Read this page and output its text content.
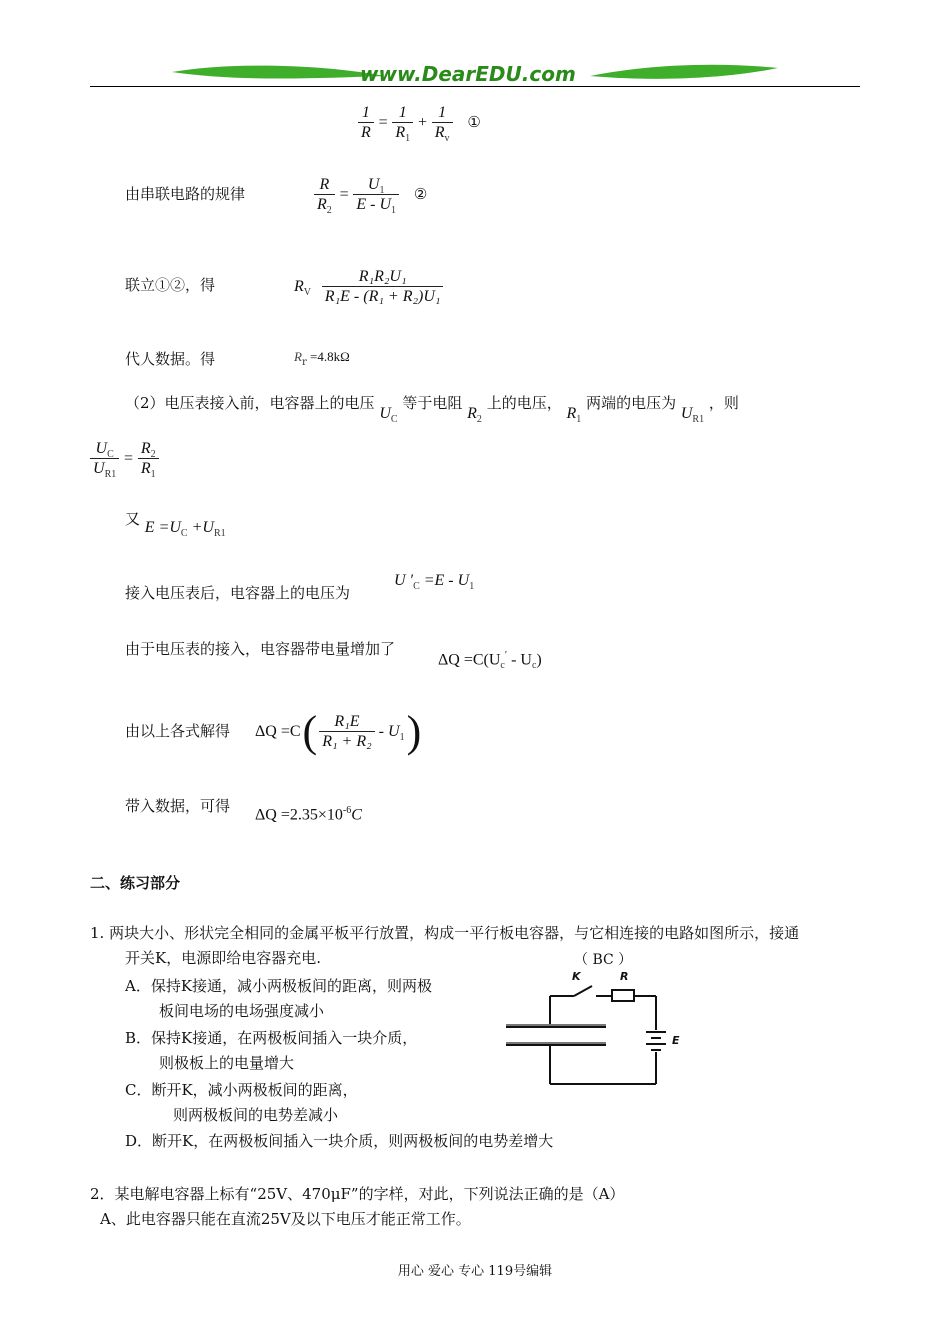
www.DearEDU.com
$\frac{1}{R} = \frac{1}{R_1} + \frac{1}{R_v}$ ①
由串联电路的规律	$\frac{R}{R_2} = \frac{U_1}{E - U_1}$ ②
联立①②，得	$R_V \frac{\text{R₁R₂U₁}}{\text{R₁E - (R₁ + R₂)U₁}}$
代人数据。得	$R_r =4.8k\Omega$
（2）电压表接入前，电容器上的电压 $U_C$ 等于电阻 $R_2$ 上的电压， $R_1$ 两端的电压为 $U_{R1}$ ，则
$\frac{U_C}{U_{R1}} = \frac{R_2}{R_1}$
又 $E =U_C +U_{R1}$
接入电压表后，电容器上的电压为
U $'_C =E - U_1$
由于电压表的接入，电容器带电量增加了
$\Delta Q =C(U_c' - U_c)$
由以上各式解得 ΔQ =C ( $\frac{\text{R₁E}}{\text{R₁ + R₂}} - U_1$ )
带入数据，可得 $\Delta Q =2.35\times 10^{-6}C$
二、练习部分
1. 两块大小、形状完全相同的金属平板平行放置，构成一平行板电容器，与它相连接的电路如图所示，接通
开关K，电源即给电容器充电.	（ BC ）
A．保持K接通，减小两极板间的距离，则两极
板间电场的电场强度减小
B．保持K接通，在两极板间插入一块介质，
则极板上的电量增大
C．断开K，减小两极板间的距离，
则两极板间的电势差减小
D．断开K，在两极板间插入一块介质，则两极板间的电势差增大
K	R
E
2．某电解电容器上标有“25V、470μF”的字样，对此，下列说法正确的是（A）
A、此电容器只能在直流25V及以下电压才能正常工作。
用心 爱心 专心 119号编辑
